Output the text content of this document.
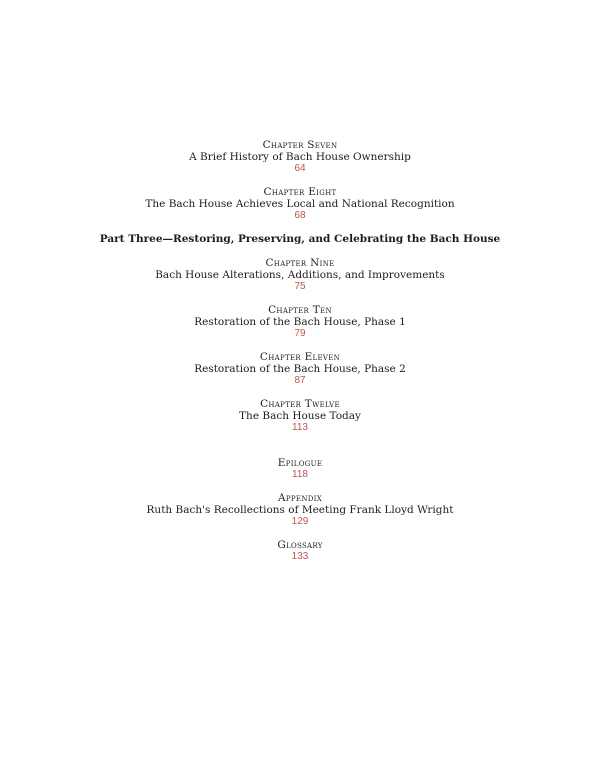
Chapter Seven
A Brief History of Bach House Ownership
64
Chapter Eight
The Bach House Achieves Local and National Recognition
68
Part Three—Restoring, Preserving, and Celebrating the Bach House
Chapter Nine
Bach House Alterations, Additions, and Improvements
75
Chapter Ten
Restoration of the Bach House, Phase 1
79
Chapter Eleven
Restoration of the Bach House, Phase 2
87
Chapter Twelve
The Bach House Today
113
Epilogue
118
Appendix
Ruth Bach's Recollections of Meeting Frank Lloyd Wright
129
Glossary
133
